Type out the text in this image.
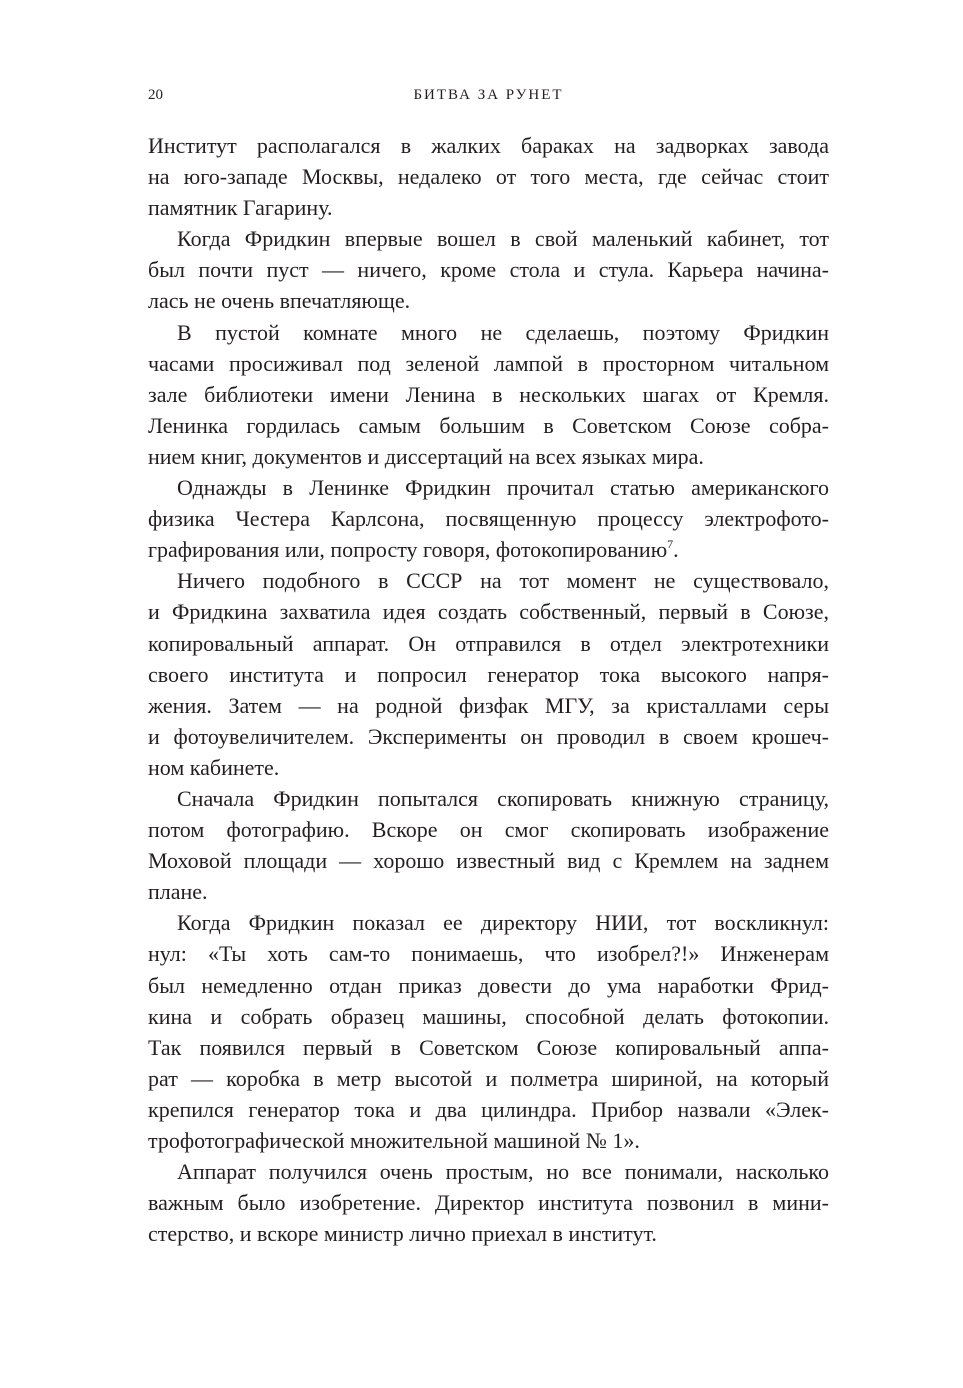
20	БИТВА ЗА РУНЕТ
Институт располагался в жалких бараках на задворках завода
на юго-западе Москвы, недалеко от того места, где сейчас стоит
памятник Гагарину.
Когда Фридкин впервые вошел в свой маленький кабинет, тот
был почти пуст — ничего, кроме стола и стула. Карьера начина-
лась не очень впечатляюще.
В пустой комнате много не сделаешь, поэтому Фридкин
часами просиживал под зеленой лампой в просторном читальном
зале библиотеки имени Ленина в нескольких шагах от Кремля.
Ленинка гордилась самым большим в Советском Союзе собра-
нием книг, документов и диссертаций на всех языках мира.
Однажды в Ленинке Фридкин прочитал статью американского
физика Честера Карлсона, посвященную процессу электрофото-
графирования или, попросту говоря, фотокопированию$^7$.
Ничего подобного в СССР на тот момент не существовало,
и Фридкина захватила идея создать собственный, первый в Союзе,
копировальный аппарат. Он отправился в отдел электротехники
своего института и попросил генератор тока высокого напря-
жения. Затем — на родной физфак МГУ, за кристаллами серы
и фотоувеличителем. Эксперименты он проводил в своем крошеч-
ном кабинете.
Сначала Фридкин попытался скопировать книжную страницу,
потом фотографию. Вскоре он смог скопировать изображение
Моховой площади — хорошо известный вид с Кремлем на заднем
плане.
Когда Фридкин показал ее директору НИИ, тот воскликнул:
нул: «Ты хоть сам-то понимаешь, что изобрел?!» Инженерам
был немедленно отдан приказ довести до ума наработки Фрид-
кина и собрать образец машины, способной делать фотокопии.
Так появился первый в Советском Союзе копировальный аппа-
рат — коробка в метр высотой и полметра шириной, на который
крепился генератор тока и два цилиндра. Прибор назвали «Элек-
трофотографической множительной машиной № 1».
Аппарат получился очень простым, но все понимали, насколько
важным было изобретение. Директор института позвонил в мини-
стерство, и вскоре министр лично приехал в институт.
